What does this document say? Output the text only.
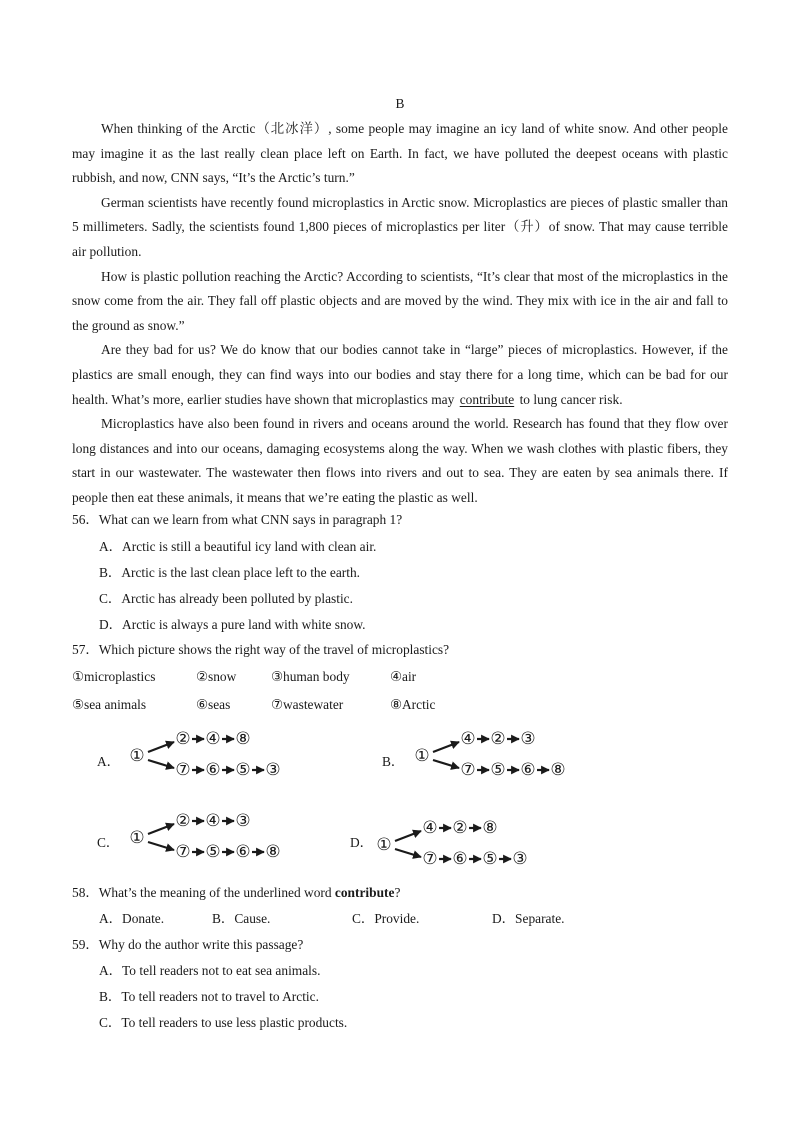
B

When thinking of the Arctic（北冰洋）, some people may imagine an icy land of white snow. And other people may imagine it as the last really clean place left on Earth. In fact, we have polluted the deepest oceans with plastic rubbish, and now, CNN says, “It’s the Arctic’s turn.”

German scientists have recently found microplastics in Arctic snow. Microplastics are pieces of plastic smaller than 5 millimeters. Sadly, the scientists found 1,800 pieces of microplastics per liter（升）of snow. That may cause terrible air pollution.

How is plastic pollution reaching the Arctic? According to scientists, “It’s clear that most of the microplastics in the snow come from the air. They fall off plastic objects and are moved by the wind. They mix with ice in the air and fall to the ground as snow.”

Are they bad for us? We do know that our bodies cannot take in “large” pieces of microplastics. However, if the plastics are small enough, they can find ways into our bodies and stay there for a long time, which can be bad for our health. What’s more, earlier studies have shown that microplastics may contribute to lung cancer risk.

Microplastics have also been found in rivers and oceans around the world. Research has found that they flow over long distances and into our oceans, damaging ecosystems along the way. When we wash clothes with plastic fibers, they start in our wastewater. The wastewater then flows into rivers and out to sea. They are eaten by sea animals there. If people then eat these animals, it means that we’re eating the plastic as well.

56．What can we learn from what CNN says in paragraph 1?
A．Arctic is still a beautiful icy land with clean air.
B．Arctic is the last clean place left to the earth.
C．Arctic has already been polluted by plastic.
D．Arctic is always a pure land with white snow.
57．Which picture shows the right way of the travel of microplastics?
①microplastics	②snow	③human body	④air
⑤sea animals	⑥seas	⑦wastewater	⑧Arctic
A．	B．
C．	D．
①
② ④ ⑧
⑦ ⑥ ⑤ ③
①
④ ② ③
⑦ ⑤ ⑥ ⑧
①
② ④ ③
⑦ ⑤ ⑥ ⑧	①
④ ② ⑧
⑦ ⑥ ⑤ ③
58．What’s the meaning of the underlined word contribute?
A．Donate.	B．Cause.	C．Provide.	D．Separate.
59．Why do the author write this passage?
A．To tell readers not to eat sea animals.
B．To tell readers not to travel to Arctic.
C．To tell readers to use less plastic products.
